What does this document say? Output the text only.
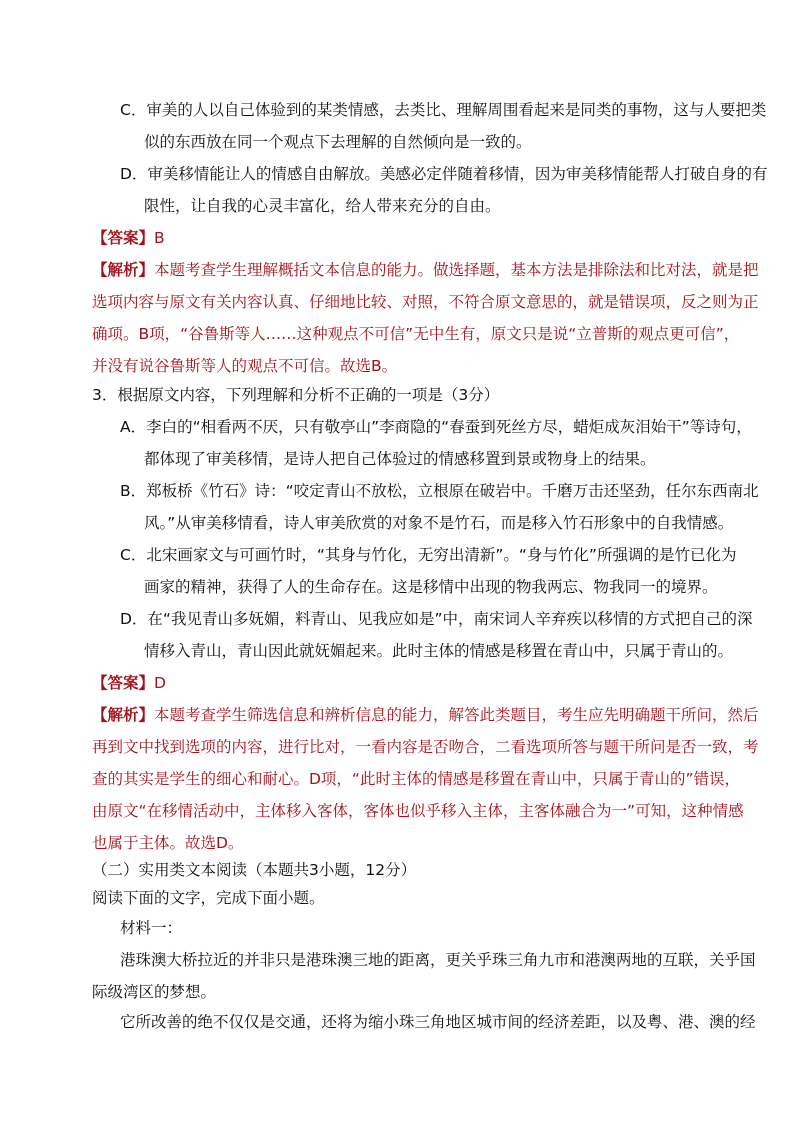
C．审美的人以自己体验到的某类情感，去类比、理解周围看起来是同类的事物，这与人要把类
似的东西放在同一个观点下去理解的自然倾向是一致的。
D．审美移情能让人的情感自由解放。美感必定伴随着移情，因为审美移情能帮人打破自身的有
限性，让自我的心灵丰富化，给人带来充分的自由。
【答案】B
【解析】本题考查学生理解概括文本信息的能力。做选择题，基本方法是排除法和比对法，就是把
选项内容与原文有关内容认真、仔细地比较、对照，不符合原文意思的，就是错误项，反之则为正
确项。B项，“谷鲁斯等人……这种观点不可信”无中生有，原文只是说“立普斯的观点更可信”，
并没有说谷鲁斯等人的观点不可信。故选B。
3．根据原文内容，下列理解和分析不正确的一项是（3分）
A．李白的“相看两不厌，只有敬亭山”李商隐的“春蚕到死丝方尽，蜡炬成灰泪始干”等诗句，
都体现了审美移情，是诗人把自己体验过的情感移置到景或物身上的结果。
B．郑板桥《竹石》诗：“咬定青山不放松，立根原在破岩中。千磨万击还坚劲，任尔东西南北
风。”从审美移情看，诗人审美欣赏的对象不是竹石，而是移入竹石形象中的自我情感。
C．北宋画家文与可画竹时，“其身与竹化，无穷出清新”。“身与竹化”所强调的是竹已化为
画家的精神，获得了人的生命存在。这是移情中出现的物我两忘、物我同一的境界。
D．在“我见青山多妩媚，料青山、见我应如是”中，南宋词人辛弃疾以移情的方式把自己的深
情移入青山，青山因此就妩媚起来。此时主体的情感是移置在青山中，只属于青山的。
【答案】D
【解析】本题考查学生筛选信息和辨析信息的能力，解答此类题目，考生应先明确题干所问，然后
再到文中找到选项的内容，进行比对，一看内容是否吻合，二看选项所答与题干所问是否一致，考
查的其实是学生的细心和耐心。D项，“此时主体的情感是移置在青山中，只属于青山的”错误，
由原文“在移情活动中，主体移入客体，客体也似乎移入主体，主客体融合为一”可知，这种情感
也属于主体。故选D。
（二）实用类文本阅读（本题共3小题，12分）
阅读下面的文字，完成下面小题。
材料一：
港珠澳大桥拉近的并非只是港珠澳三地的距离，更关乎珠三角九市和港澳两地的互联，关乎国
际级湾区的梦想。
它所改善的绝不仅仅是交通，还将为缩小珠三角地区城市间的经济差距，以及粤、港、澳的经
